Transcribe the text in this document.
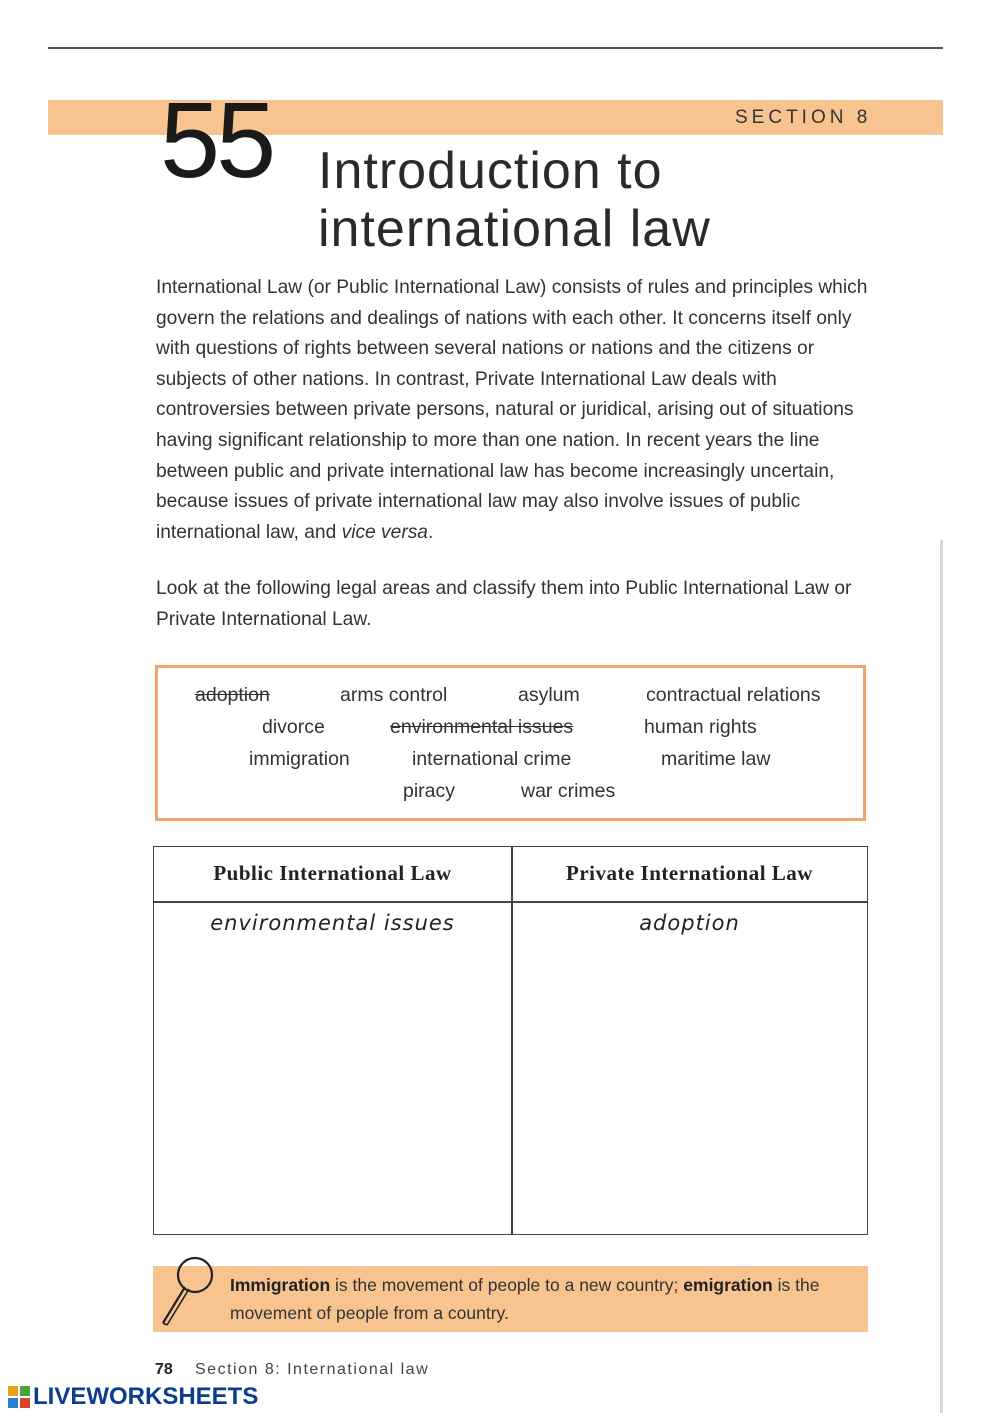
SECTION 8
55 Introduction to
international law

International Law (or Public International Law) consists of rules and principles which govern the relations and dealings of nations with each other. It concerns itself only with questions of rights between several nations or nations and the citizens or subjects of other nations. In contrast, Private International Law deals with controversies between private persons, natural or juridical, arising out of situations having significant relationship to more than one nation. In recent years the line between public and private international law has become increasingly uncertain, because issues of private international law may also involve issues of public international law, and vice versa.

Look at the following legal areas and classify them into Public International Law or Private International Law.

adoption	arms control	asylum	contractual relations
divorce	environmental issues	human rights
immigration	international crime	maritime law
piracy	war crimes
Public International Law	Private International Law
environmental issues	adoption
Immigration is the movement of people to a new country; emigration is the movement of people from a country.
78 Section 8: International law
LIVEWORKSHEETS
